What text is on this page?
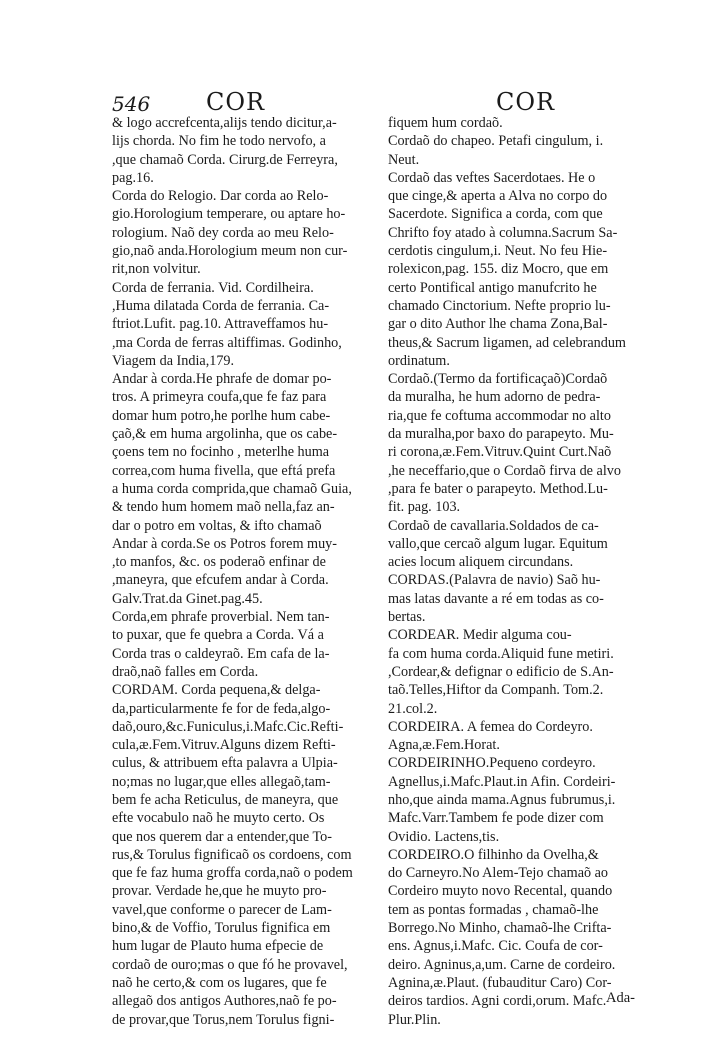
546 COR	COR
& logo accrefcenta,alijs tendo dicitur,a-
lijs chorda. No fim he todo nervofo, a
,que chamaõ Corda. Cirurg.de Ferreyra,
pag.16.
Corda do Relogio. Dar corda ao Relo-
gio.Horologium temperare, ou aptare ho-
rologium. Naõ dey corda ao meu Relo-
gio,naõ anda.Horologium meum non cur-
rit,non volvitur.
Corda de ferrania. Vid. Cordilheira.
,Huma dilatada Corda de ferrania. Ca-
ftriot.Lufit. pag.10. Attraveffamos hu-
,ma Corda de ferras altiffimas. Godinho,
Viagem da India,179.
Andar à corda.He phrafe de domar po-
tros. A primeyra coufa,que fe faz para
domar hum potro,he porlhe hum cabe-
çaõ,& em huma argolinha, que os cabe-
çoens tem no focinho , meterlhe huma
correa,com huma fivella, que eftá prefa
a huma corda comprida,que chamaõ Guia,
& tendo hum homem maõ nella,faz an-
dar o potro em voltas, & ifto chamaõ
Andar à corda.Se os Potros forem muy-
,to manfos, &c. os poderaõ enfinar de
,maneyra, que efcufem andar à Corda.
Galv.Trat.da Ginet.pag.45.
Corda,em phrafe proverbial. Nem tan-
to puxar, que fe quebra a Corda. Vá a
Corda tras o caldeyraõ. Em cafa de la-
draõ,naõ falles em Corda.
CORDAM. Corda pequena,& delga-
da,particularmente fe for de feda,algo-
daõ,ouro,&c.Funiculus,i.Mafc.Cic.Refti-
cula,æ.Fem.Vitruv.Alguns dizem Refti-
culus, & attribuem efta palavra a Ulpia-
no;mas no lugar,que elles allegaõ,tam-
bem fe acha Reticulus, de maneyra, que
efte vocabulo naõ he muyto certo. Os
que nos querem dar a entender,que To-
rus,& Torulus fignificaõ os cordoens, com
que fe faz huma groffa corda,naõ o podem
provar. Verdade he,que he muyto pro-
vavel,que conforme o parecer de Lam-
bino,& de Voffio, Torulus fignifica em
hum lugar de Plauto huma efpecie de
cordaõ de ouro;mas o que fó he provavel,
naõ he certo,& com os lugares, que fe
allegaõ dos antigos Authores,naõ fe po-
de provar,que Torus,nem Torulus figni-
fiquem hum cordaõ.
Cordaõ do chapeo. Petafi cingulum, i.
Neut.
Cordaõ das veftes Sacerdotaes. He o
que cinge,& aperta a Alva no corpo do
Sacerdote. Significa a corda, com que
Chrifto foy atado à columna.Sacrum Sa-
cerdotis cingulum,i. Neut. No feu Hie-
rolexicon,pag. 155. diz Mocro, que em
certo Pontifical antigo manufcrito he
chamado Cinctorium. Nefte proprio lu-
gar o dito Author lhe chama Zona,Bal-
theus,& Sacrum ligamen, ad celebrandum
ordinatum.
Cordaõ.(Termo da fortificaçaõ)Cordaõ
da muralha, he hum adorno de pedra-
ria,que fe coftuma accommodar no alto
da muralha,por baxo do parapeyto. Mu-
ri corona,æ.Fem.Vitruv.Quint Curt.Naõ
,he neceffario,que o Cordaõ firva de alvo
,para fe bater o parapeyto. Method.Lu-
fit. pag. 103.
Cordaõ de cavallaria.Soldados de ca-
vallo,que cercaõ algum lugar. Equitum
acies locum aliquem circundans.
CORDAS.(Palavra de navio) Saõ hu-
mas latas davante a ré em todas as co-
bertas.
CORDEAR. Medir alguma cou-
fa com huma corda.Aliquid fune metiri.
,Cordear,& defignar o edificio de S.An-
taõ.Telles,Hiftor da Companh. Tom.2.
21.col.2.
CORDEIRA. A femea do Cordeyro.
Agna,æ.Fem.Horat.
CORDEIRINHO.Pequeno cordeyro.
Agnellus,i.Mafc.Plaut.in Afin. Cordeiri-
nho,que ainda mama.Agnus fubrumus,i.
Mafc.Varr.Tambem fe pode dizer com
Ovidio. Lactens,tis.
CORDEIRO.O filhinho da Ovelha,&
do Carneyro.No Alem-Tejo chamaõ ao
Cordeiro muyto novo Recental, quando
tem as pontas formadas , chamaõ-lhe
Borrego.No Minho, chamaõ-lhe Crifta-
ens. Agnus,i.Mafc. Cic. Coufa de cor-
deiro. Agninus,a,um. Carne de cordeiro.
Agnina,æ.Plaut. (fubauditur Caro) Cor-
deiros tardios. Agni cordi,orum. Mafc.
Plur.Plin.
Ada-
